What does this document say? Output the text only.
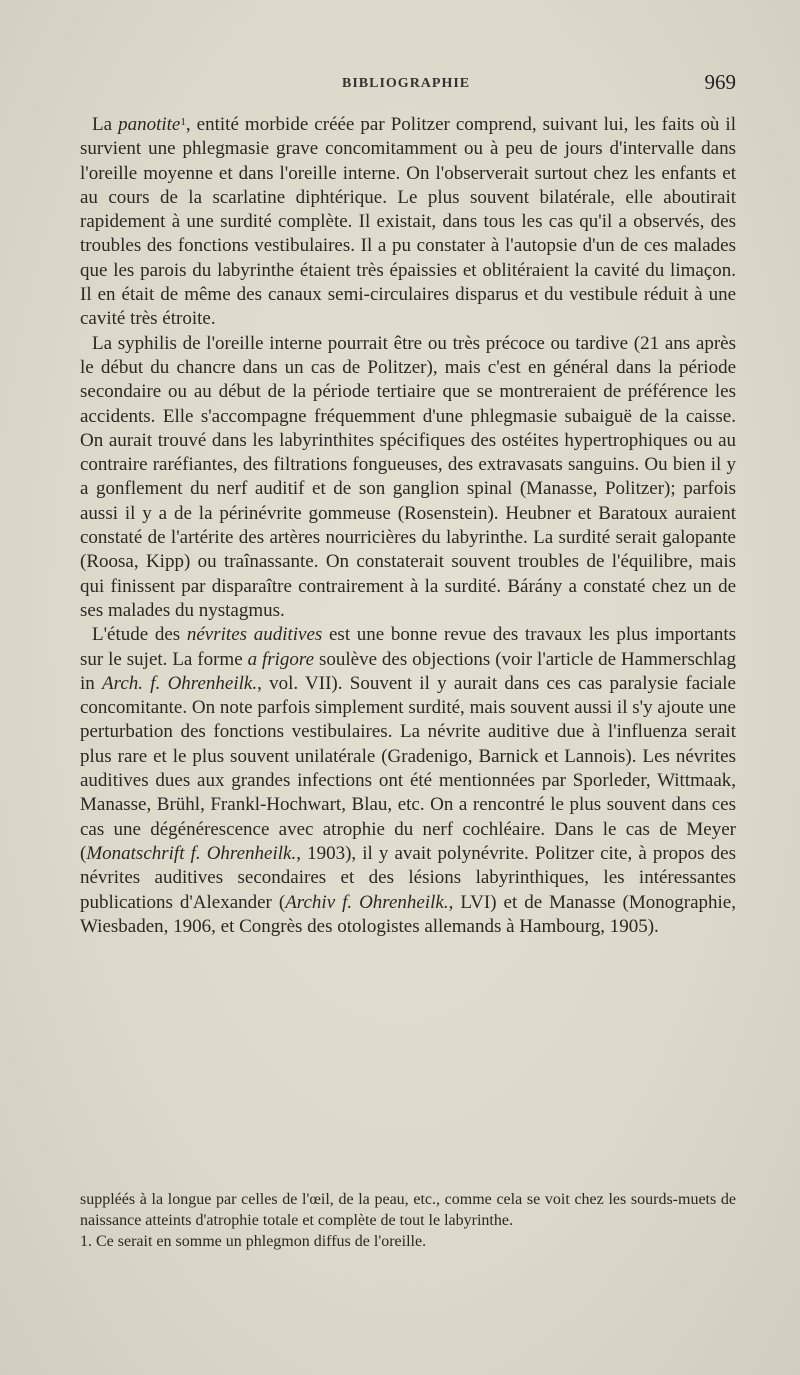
BIBLIOGRAPHIE	969

La panotite$^1$, entité morbide créée par Politzer comprend, suivant lui, les faits où il survient une phlegmasie grave concomitamment ou à peu de jours d'intervalle dans l'oreille moyenne et dans l'oreille interne. On l'observerait surtout chez les enfants et au cours de la scarlatine diphtérique. Le plus souvent bilatérale, elle aboutirait rapidement à une surdité complète. Il existait, dans tous les cas qu'il a observés, des troubles des fonctions vestibulaires. Il a pu constater à l'autopsie d'un de ces malades que les parois du labyrinthe étaient très épaissies et oblitéraient la cavité du limaçon. Il en était de même des canaux semi-circulaires disparus et du vestibule réduit à une cavité très étroite.

La syphilis de l'oreille interne pourrait être ou très précoce ou tardive (21 ans après le début du chancre dans un cas de Politzer), mais c'est en général dans la période secondaire ou au début de la période tertiaire que se montreraient de préférence les accidents. Elle s'accompagne fréquemment d'une phlegmasie subaiguë de la caisse. On aurait trouvé dans les labyrinthites spécifiques des ostéites hypertrophiques ou au contraire raréfiantes, des filtrations fongueuses, des extravasats sanguins. Ou bien il y a gonflement du nerf auditif et de son ganglion spinal (Manasse, Politzer); parfois aussi il y a de la périnévrite gommeuse (Rosenstein). Heubner et Baratoux auraient constaté de l'artérite des artères nourricières du labyrinthe. La surdité serait galopante (Roosa, Kipp) ou traînassante. On constaterait souvent troubles de l'équilibre, mais qui finissent par disparaître contrairement à la surdité. Bárány a constaté chez un de ses malades du nystagmus.

L'étude des névrites auditives est une bonne revue des travaux les plus importants sur le sujet. La forme a frigore soulève des objections (voir l'article de Hammerschlag in Arch. f. Ohrenheilk., vol. VII). Souvent il y aurait dans ces cas paralysie faciale concomitante. On note parfois simplement surdité, mais souvent aussi il s'y ajoute une perturbation des fonctions vestibulaires. La névrite auditive due à l'influenza serait plus rare et le plus souvent unilatérale (Gradenigo, Barnick et Lannois). Les névrites auditives dues aux grandes infections ont été mentionnées par Sporleder, Wittmaak, Manasse, Brühl, Frankl-Hochwart, Blau, etc. On a rencontré le plus souvent dans ces cas une dégénérescence avec atrophie du nerf cochléaire. Dans le cas de Meyer (Monatschrift f. Ohrenheilk., 1903), il y avait polynévrite. Politzer cite, à propos des névrites auditives secondaires et des lésions labyrinthiques, les intéressantes publications d'Alexander (Archiv f. Ohrenheilk., LVI) et de Manasse (Monographie, Wiesbaden, 1906, et Congrès des otologistes allemands à Hambourg, 1905).

suppléés à la longue par celles de l'œil, de la peau, etc., comme cela se voit chez les sourds-muets de naissance atteints d'atrophie totale et complète de tout le labyrinthe.

1. Ce serait en somme un phlegmon diffus de l'oreille.
